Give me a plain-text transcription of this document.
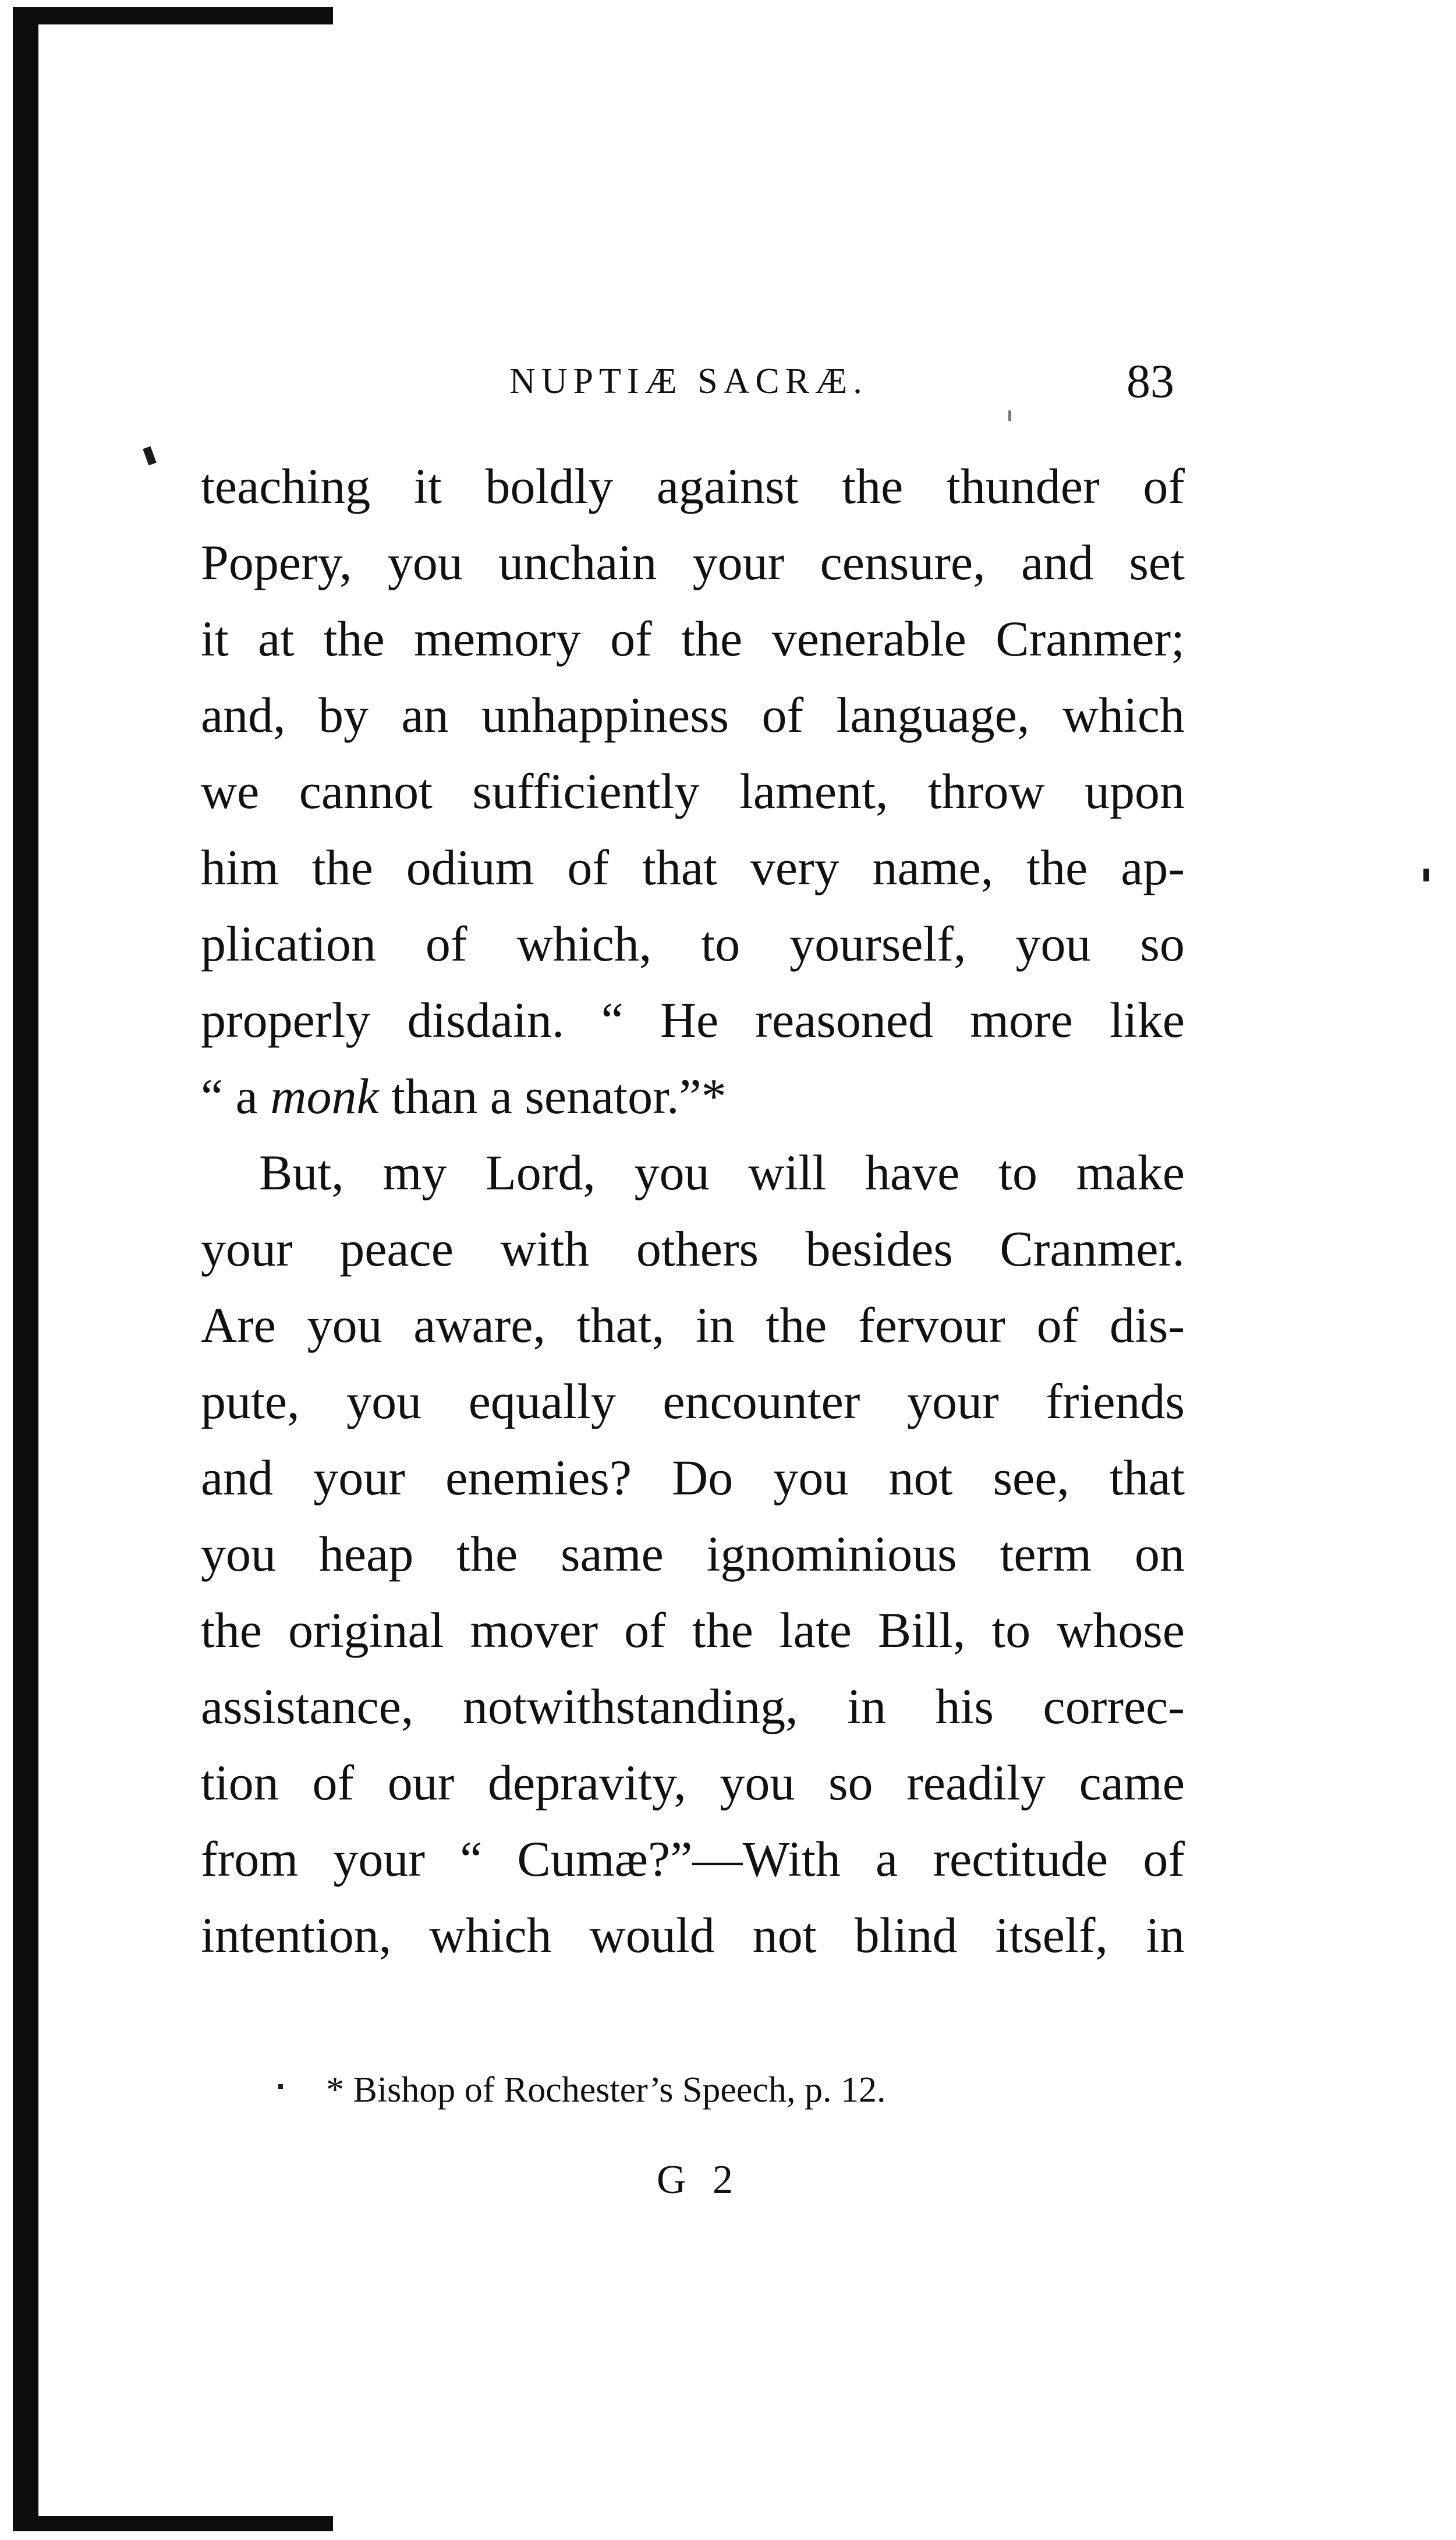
NUPTIÆ SACRÆ.	83
teaching it boldly against the thunder of
Popery, you unchain your censure, and set
it at the memory of the venerable Cranmer;
and, by an unhappiness of language, which
we cannot sufficiently lament, throw upon
him the odium of that very name, the ap-
plication of which, to yourself, you so
properly disdain. “ He reasoned more like
“ a monk than a senator.”*
But, my Lord, you will have to make
your peace with others besides Cranmer.
Are you aware, that, in the fervour of dis-
pute, you equally encounter your friends
and your enemies? Do you not see, that
you heap the same ignominious term on
the original mover of the late Bill, to whose
assistance, notwithstanding, in his correc-
tion of our depravity, you so readily came
from your “ Cumæ?”—With a rectitude of
intention, which would not blind itself, in
* Bishop of Rochester’s Speech, p. 12.
G 2
